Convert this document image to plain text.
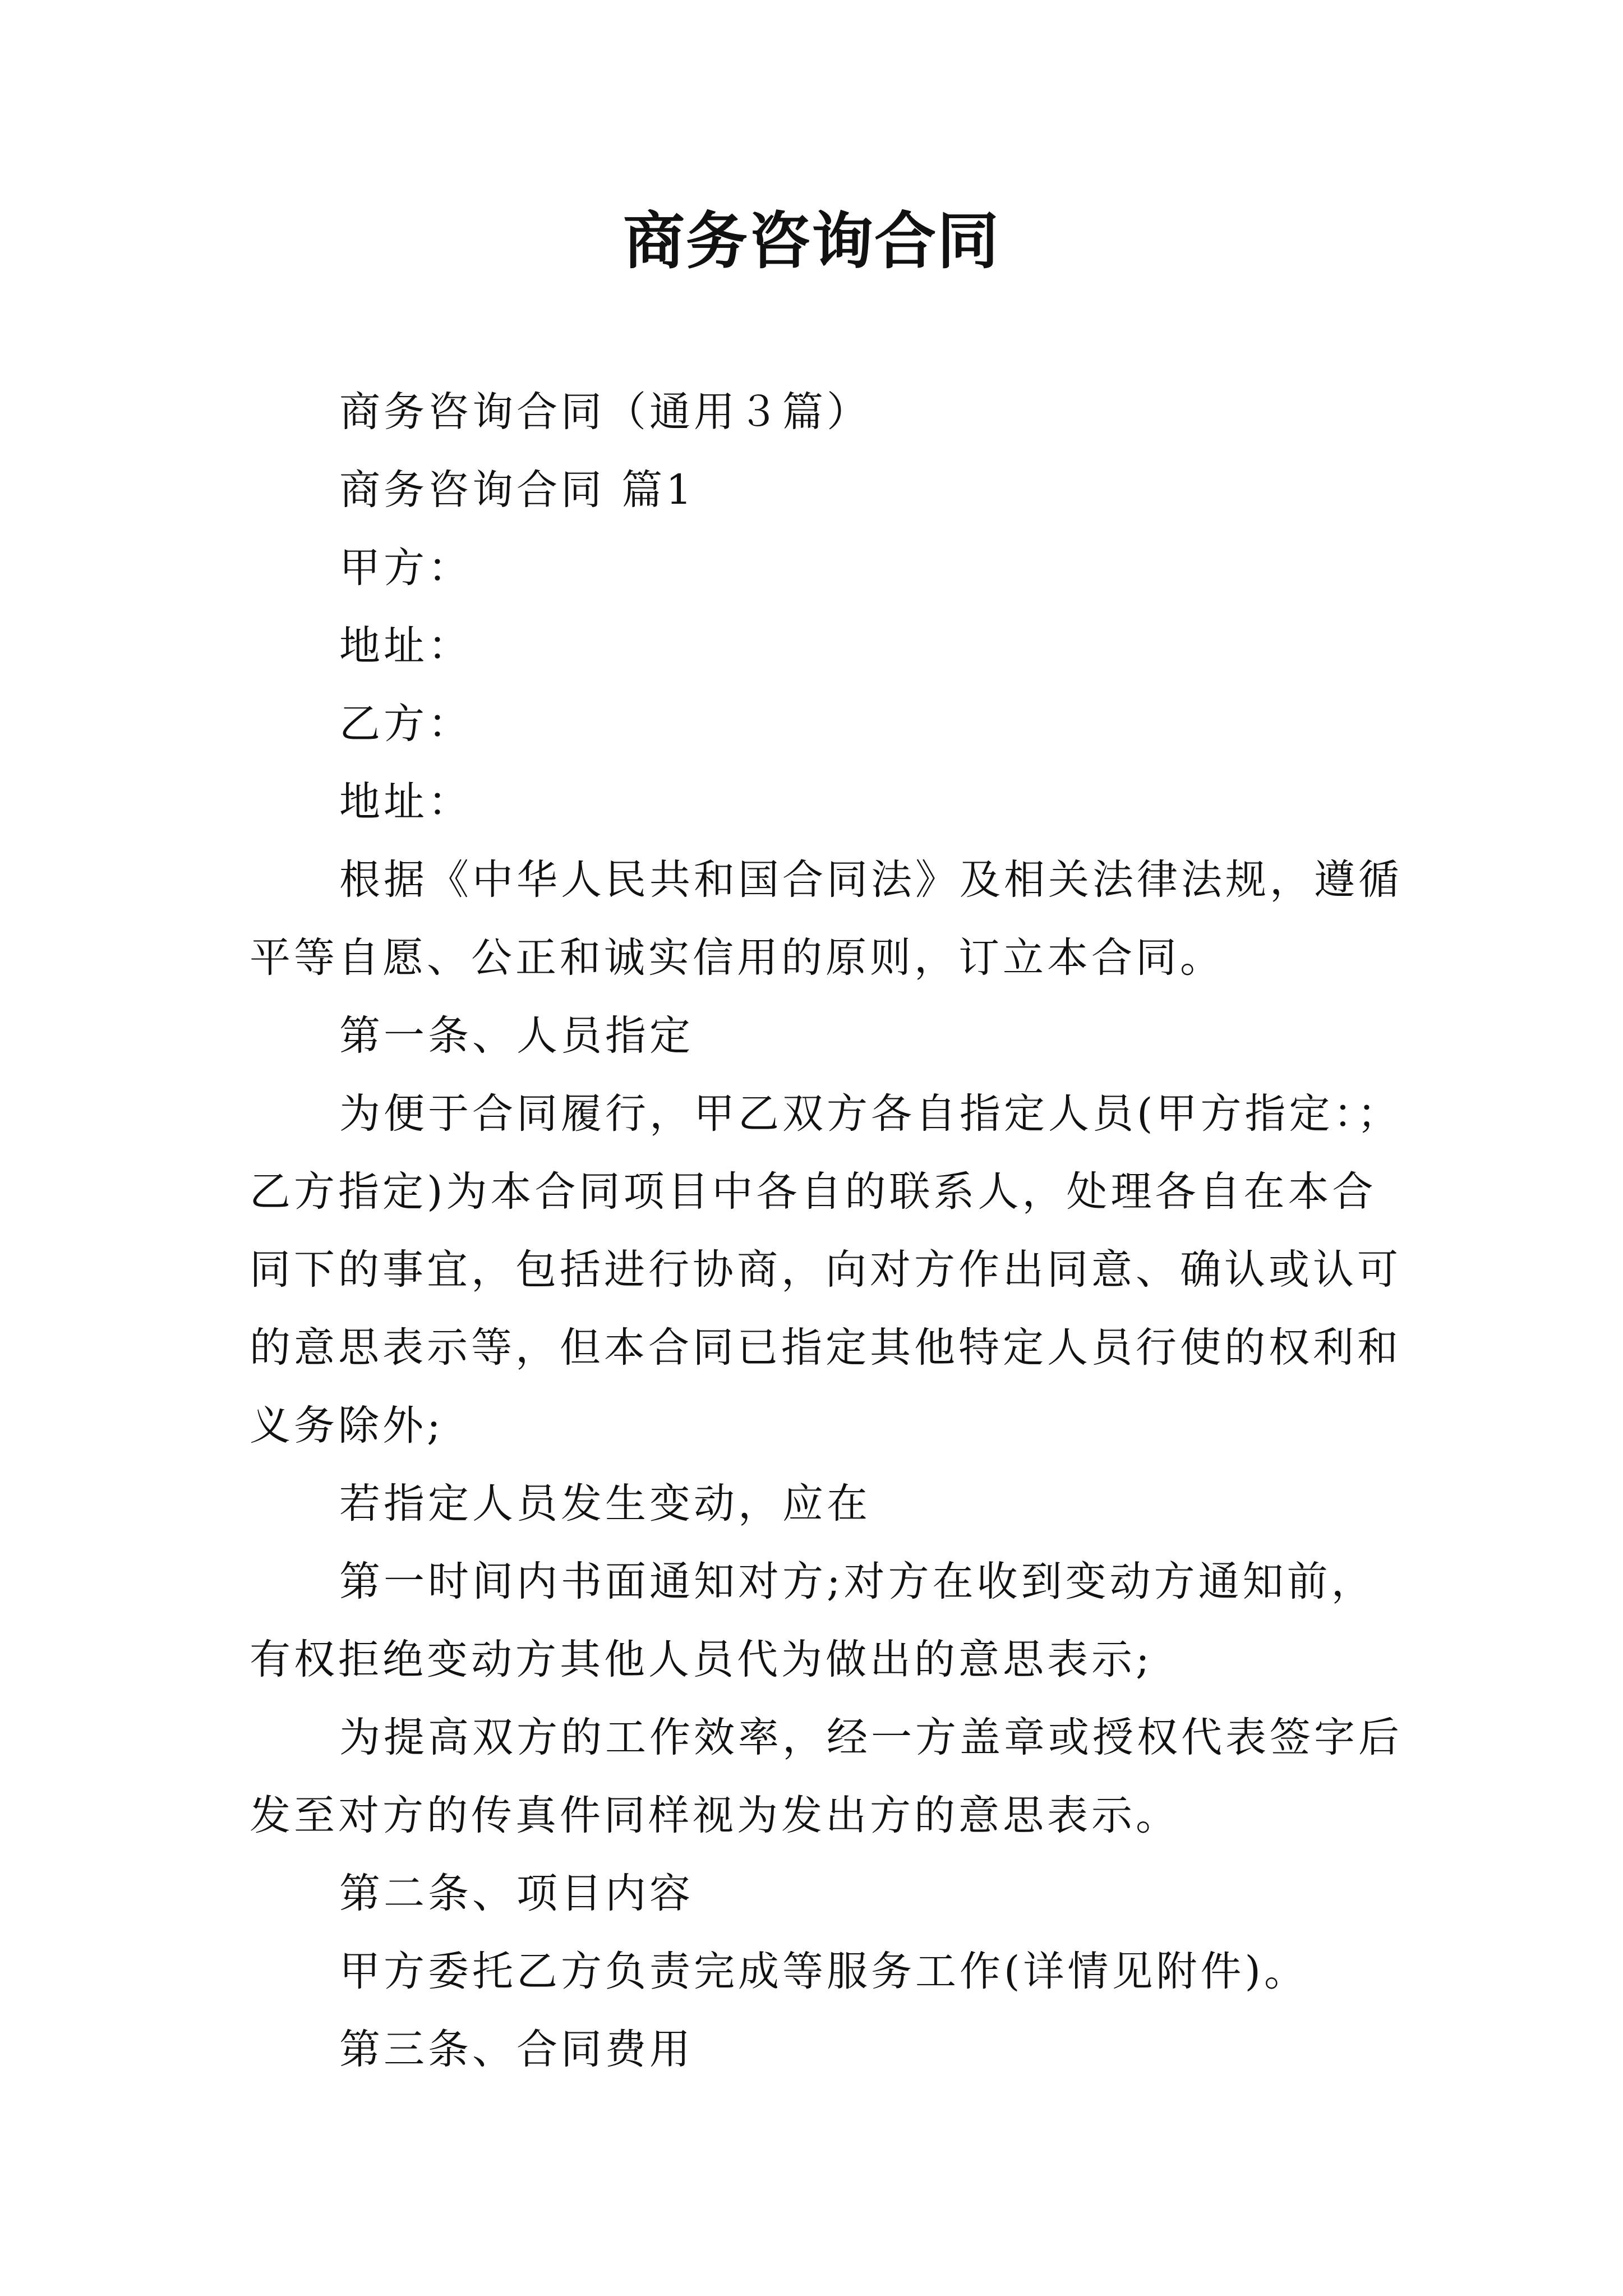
商务咨询合同
商务咨询合同（通用３篇）
商务咨询合同 篇1
甲方：
地址：
乙方：
地址：
根据《中华人民共和国合同法》及相关法律法规，遵循
平等自愿、公正和诚实信用的原则，订立本合同。
第一条、人员指定
为便于合同履行，甲乙双方各自指定人员(甲方指定：；
乙方指定)为本合同项目中各自的联系人，处理各自在本合
同下的事宜，包括进行协商，向对方作出同意、确认或认可
的意思表示等，但本合同已指定其他特定人员行使的权利和
义务除外;
若指定人员发生变动，应在
第一时间内书面通知对方;对方在收到变动方通知前，
有权拒绝变动方其他人员代为做出的意思表示;
为提高双方的工作效率，经一方盖章或授权代表签字后
发至对方的传真件同样视为发出方的意思表示。
第二条、项目内容
甲方委托乙方负责完成等服务工作(详情见附件)。
第三条、合同费用
